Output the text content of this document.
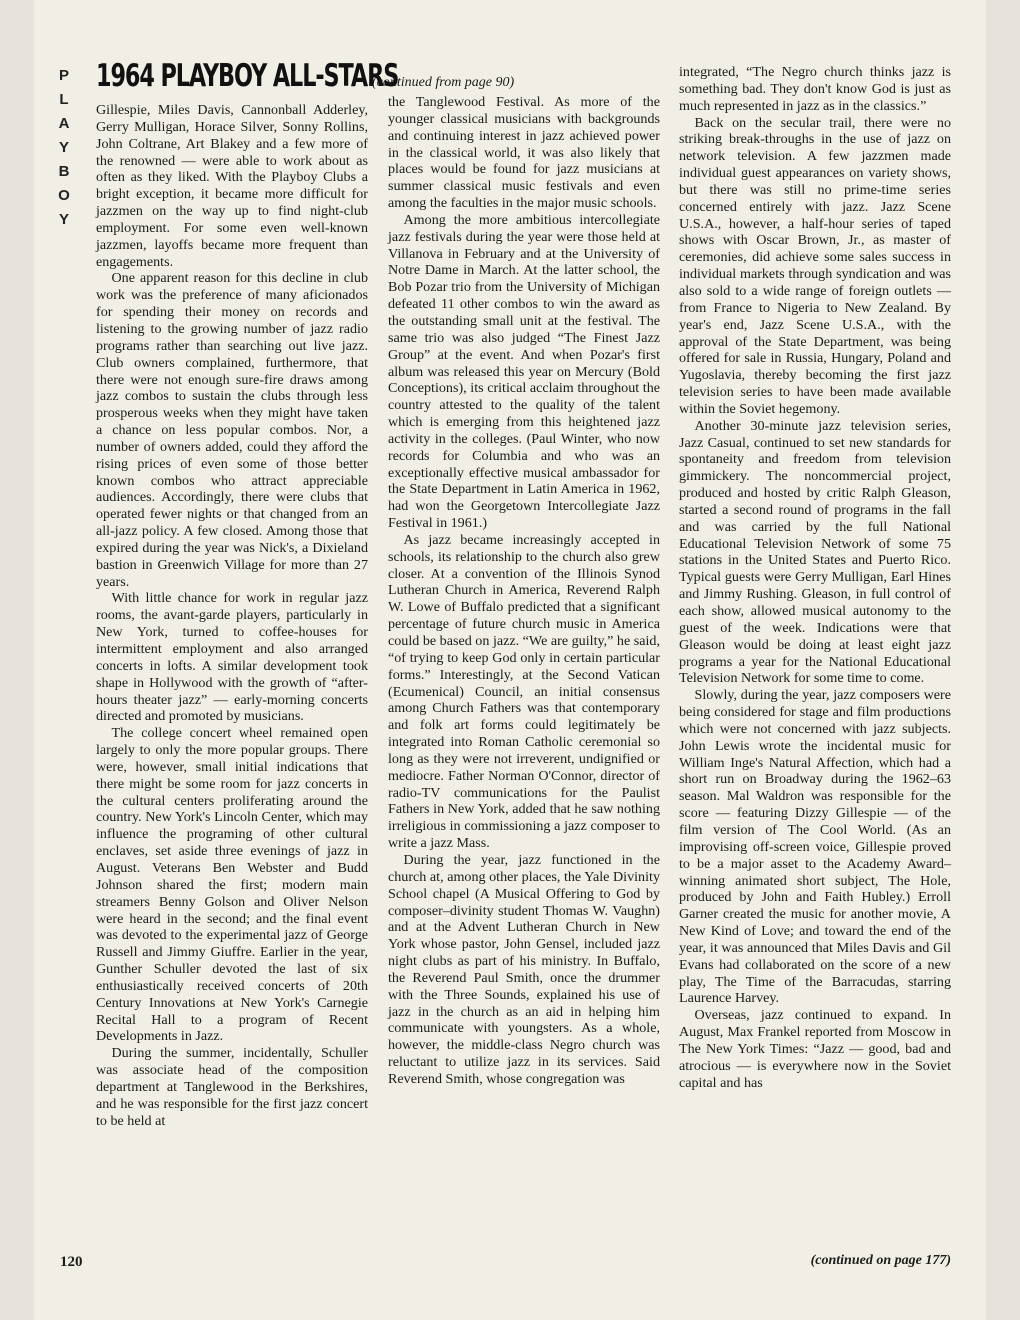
P
L
A
Y
B
O
Y
1964 PLAYBOY ALL-STARS
(continued from page 90)

Gillespie, Miles Davis, Cannonball Adderley, Gerry Mulligan, Horace Silver, Sonny Rollins, John Coltrane, Art Blakey and a few more of the renowned — were able to work about as often as they liked. With the Playboy Clubs a bright exception, it became more difficult for jazzmen on the way up to find night-club employment. For some even well-known jazzmen, layoffs became more frequent than engagements.

One apparent reason for this decline in club work was the preference of many aficionados for spending their money on records and listening to the growing number of jazz radio programs rather than searching out live jazz. Club owners complained, furthermore, that there were not enough sure-fire draws among jazz combos to sustain the clubs through less prosperous weeks when they might have taken a chance on less popular combos. Nor, a number of owners added, could they afford the rising prices of even some of those better known combos who attract appreciable audiences. Accordingly, there were clubs that operated fewer nights or that changed from an all-jazz policy. A few closed. Among those that expired during the year was Nick's, a Dixieland bastion in Greenwich Village for more than 27 years.

With little chance for work in regular jazz rooms, the avant-garde players, particularly in New York, turned to coffee-houses for intermittent employment and also arranged concerts in lofts. A similar development took shape in Hollywood with the growth of “after-hours theater jazz” — early-morning concerts directed and promoted by musicians.

The college concert wheel remained open largely to only the more popular groups. There were, however, small initial indications that there might be some room for jazz concerts in the cultural centers proliferating around the country. New York's Lincoln Center, which may influence the programing of other cultural enclaves, set aside three evenings of jazz in August. Veterans Ben Webster and Budd Johnson shared the first; modern main streamers Benny Golson and Oliver Nelson were heard in the second; and the final event was devoted to the experimental jazz of George Russell and Jimmy Giuffre. Earlier in the year, Gunther Schuller devoted the last of six enthusiastically received concerts of 20th Century Innovations at New York's Carnegie Recital Hall to a program of Recent Developments in Jazz.

During the summer, incidentally, Schuller was associate head of the composition department at Tanglewood in the Berkshires, and he was responsible for the first jazz concert to be held at

the Tanglewood Festival. As more of the younger classical musicians with backgrounds and continuing interest in jazz achieved power in the classical world, it was also likely that places would be found for jazz musicians at summer classical music festivals and even among the faculties in the major music schools.

Among the more ambitious intercollegiate jazz festivals during the year were those held at Villanova in February and at the University of Notre Dame in March. At the latter school, the Bob Pozar trio from the University of Michigan defeated 11 other combos to win the award as the outstanding small unit at the festival. The same trio was also judged “The Finest Jazz Group” at the event. And when Pozar's first album was released this year on Mercury (Bold Conceptions), its critical acclaim throughout the country attested to the quality of the talent which is emerging from this heightened jazz activity in the colleges. (Paul Winter, who now records for Columbia and who was an exceptionally effective musical ambassador for the State Department in Latin America in 1962, had won the Georgetown Intercollegiate Jazz Festival in 1961.)

As jazz became increasingly accepted in schools, its relationship to the church also grew closer. At a convention of the Illinois Synod Lutheran Church in America, Reverend Ralph W. Lowe of Buffalo predicted that a significant percentage of future church music in America could be based on jazz. “We are guilty,” he said, “of trying to keep God only in certain particular forms.” Interestingly, at the Second Vatican (Ecumenical) Council, an initial consensus among Church Fathers was that contemporary and folk art forms could legitimately be integrated into Roman Catholic ceremonial so long as they were not irreverent, undignified or mediocre. Father Norman O'Connor, director of radio-TV communications for the Paulist Fathers in New York, added that he saw nothing irreligious in commissioning a jazz composer to write a jazz Mass.

During the year, jazz functioned in the church at, among other places, the Yale Divinity School chapel (A Musical Offering to God by composer–divinity student Thomas W. Vaughn) and at the Advent Lutheran Church in New York whose pastor, John Gensel, included jazz night clubs as part of his ministry. In Buffalo, the Reverend Paul Smith, once the drummer with the Three Sounds, explained his use of jazz in the church as an aid in helping him communicate with youngsters. As a whole, however, the middle-class Negro church was reluctant to utilize jazz in its services. Said Reverend Smith, whose congregation was

integrated, “The Negro church thinks jazz is something bad. They don't know God is just as much represented in jazz as in the classics.”

Back on the secular trail, there were no striking break-throughs in the use of jazz on network television. A few jazzmen made individual guest appearances on variety shows, but there was still no prime-time series concerned entirely with jazz. Jazz Scene U.S.A., however, a half-hour series of taped shows with Oscar Brown, Jr., as master of ceremonies, did achieve some sales success in individual markets through syndication and was also sold to a wide range of foreign outlets — from France to Nigeria to New Zealand. By year's end, Jazz Scene U.S.A., with the approval of the State Department, was being offered for sale in Russia, Hungary, Poland and Yugoslavia, thereby becoming the first jazz television series to have been made available within the Soviet hegemony.

Another 30-minute jazz television series, Jazz Casual, continued to set new standards for spontaneity and freedom from television gimmickery. The noncommercial project, produced and hosted by critic Ralph Gleason, started a second round of programs in the fall and was carried by the full National Educational Television Network of some 75 stations in the United States and Puerto Rico. Typical guests were Gerry Mulligan, Earl Hines and Jimmy Rushing. Gleason, in full control of each show, allowed musical autonomy to the guest of the week. Indications were that Gleason would be doing at least eight jazz programs a year for the National Educational Television Network for some time to come.

Slowly, during the year, jazz composers were being considered for stage and film productions which were not concerned with jazz subjects. John Lewis wrote the incidental music for William Inge's Natural Affection, which had a short run on Broadway during the 1962–63 season. Mal Waldron was responsible for the score — featuring Dizzy Gillespie — of the film version of The Cool World. (As an improvising off-screen voice, Gillespie proved to be a major asset to the Academy Award–winning animated short subject, The Hole, produced by John and Faith Hubley.) Erroll Garner created the music for another movie, A New Kind of Love; and toward the end of the year, it was announced that Miles Davis and Gil Evans had collaborated on the score of a new play, The Time of the Barracudas, starring Laurence Harvey.

Overseas, jazz continued to expand. In August, Max Frankel reported from Moscow in The New York Times: “Jazz — good, bad and atrocious — is everywhere now in the Soviet capital and has

(continued on page 177)
120
